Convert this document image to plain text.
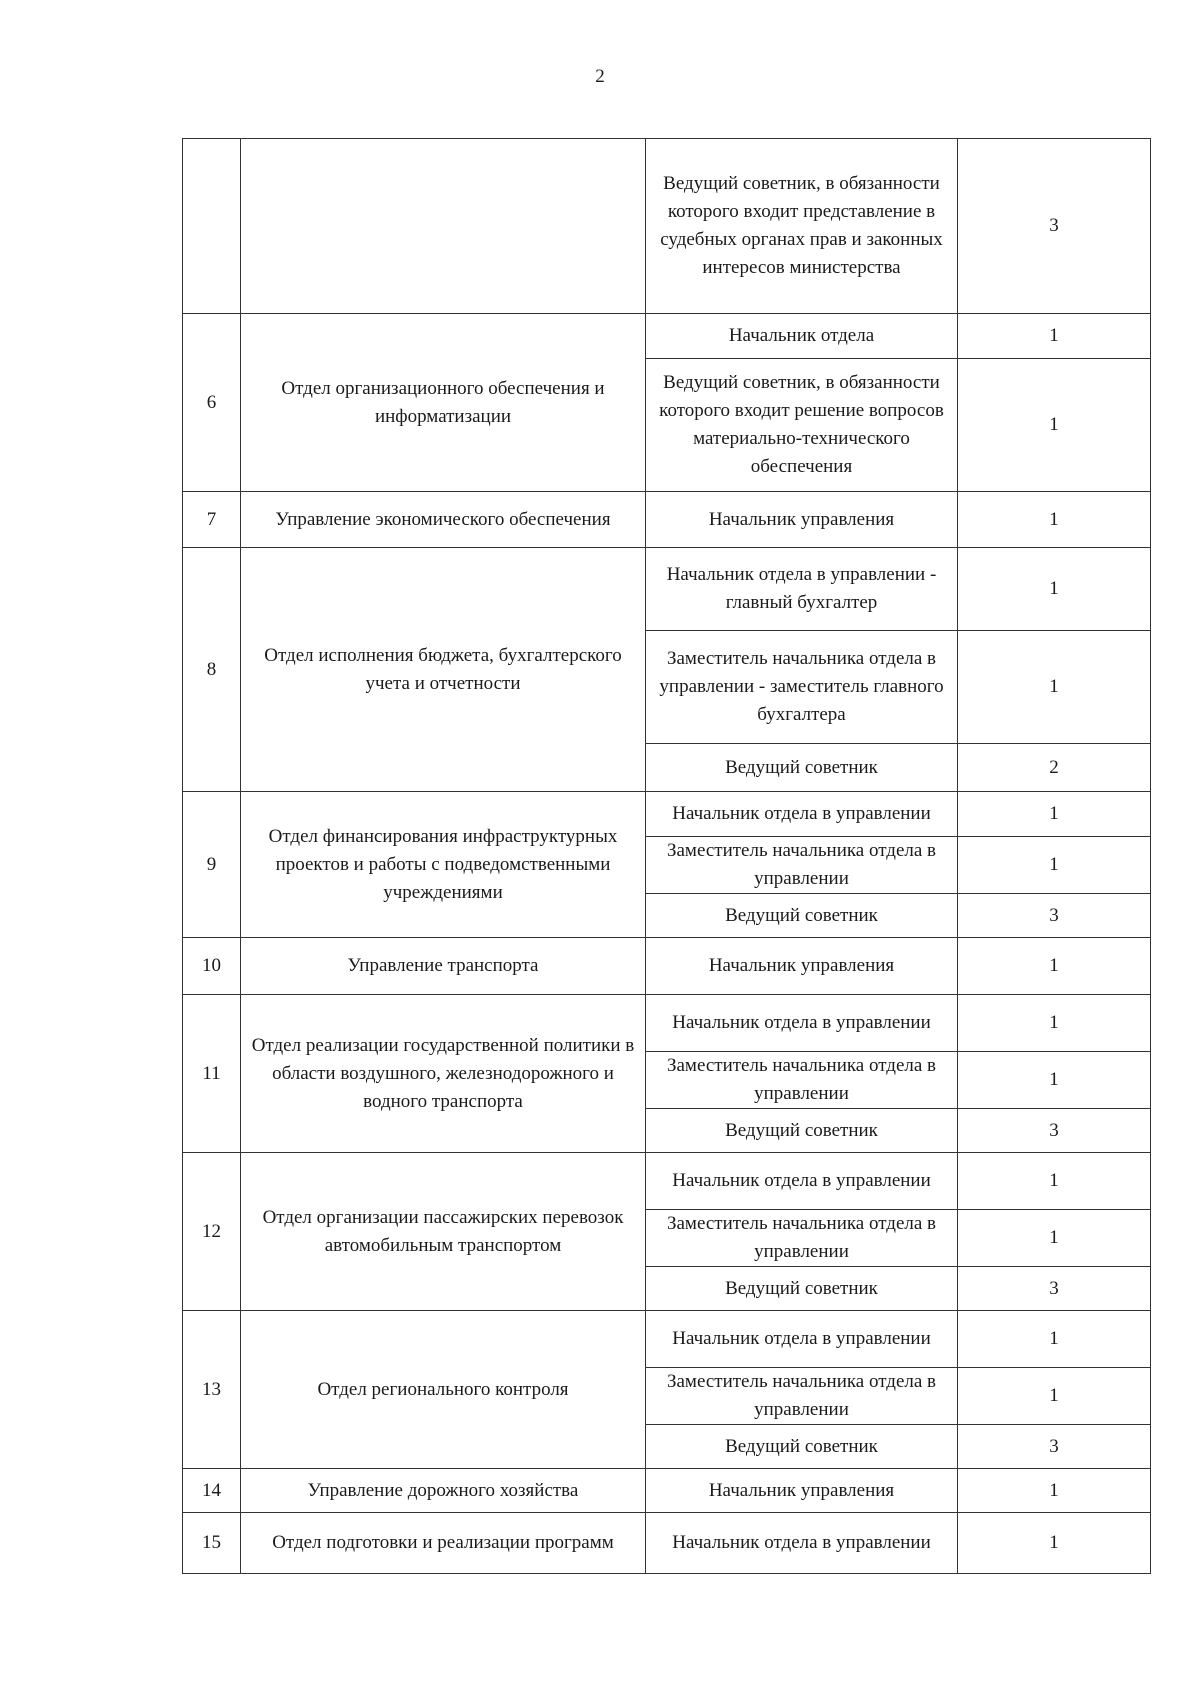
2
		Ведущий советник, в обязанности которого входит представление в судебных органах прав и законных интересов министерства	3
6	Отдел организационного обеспечения и информатизации	Начальник отдела	1
		Ведущий советник, в обязанности которого входит решение вопросов материально-технического обеспечения	1
7	Управление экономического обеспечения	Начальник управления	1
8	Отдел исполнения бюджета, бухгалтерского учета и отчетности	Начальник отдела в управлении - главный бухгалтер	1
		Заместитель начальника отдела в управлении - заместитель главного бухгалтера	1
		Ведущий советник	2
9	Отдел финансирования инфраструктурных проектов и работы с подведомственными учреждениями	Начальник отдела в управлении	1
		Заместитель начальника отдела в управлении	1
		Ведущий советник	3
10	Управление транспорта	Начальник управления	1
11	Отдел реализации государственной политики в области воздушного, железнодорожного и водного транспорта	Начальник отдела в управлении	1
		Заместитель начальника отдела в управлении	1
		Ведущий советник	3
12	Отдел организации пассажирских перевозок автомобильным транспортом	Начальник отдела в управлении	1
		Заместитель начальника отдела в управлении	1
		Ведущий советник	3
13	Отдел регионального контроля	Начальник отдела в управлении	1
		Заместитель начальника отдела в управлении	1
		Ведущий советник	3
14	Управление дорожного хозяйства	Начальник управления	1
15	Отдел подготовки и реализации программ	Начальник отдела в управлении	1
